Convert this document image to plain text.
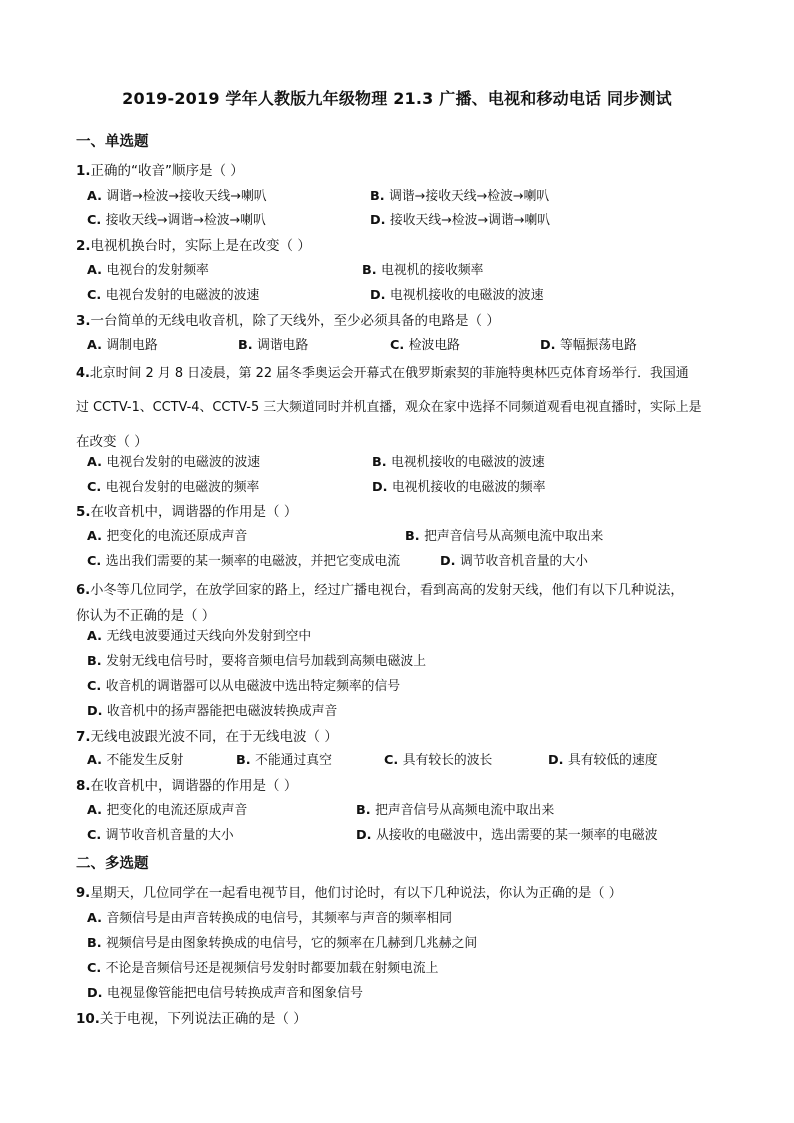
2019-2019 学年人教版九年级物理 21.3 广播、电视和移动电话 同步测试
一、单选题
1.正确的“收音”顺序是（ ）
A. 调谐→检波→接收天线→喇叭	B. 调谐→接收天线→检波→喇叭
C. 接收天线→调谐→检波→喇叭	D. 接收天线→检波→调谐→喇叭
2.电视机换台时，实际上是在改变（ ）
A. 电视台的发射频率	B. 电视机的接收频率
C. 电视台发射的电磁波的波速	D. 电视机接收的电磁波的波速
3.一台简单的无线电收音机，除了天线外，至少必须具备的电路是（ ）
A. 调制电路	B. 调谐电路	C. 检波电路	D. 等幅振荡电路
4.北京时间 2 月 8 日凌晨，第 22 届冬季奥运会开幕式在俄罗斯索契的菲施特奥林匹克体育场举行．我国通
过 CCTV-1、CCTV-4、CCTV-5 三大频道同时并机直播，观众在家中选择不同频道观看电视直播时，实际上是
在改变（ ）
A. 电视台发射的电磁波的波速	B. 电视机接收的电磁波的波速
C. 电视台发射的电磁波的频率	D. 电视机接收的电磁波的频率
5.在收音机中，调谐器的作用是（ ）
A. 把变化的电流还原成声音	B. 把声音信号从高频电流中取出来
C. 选出我们需要的某一频率的电磁波，并把它变成电流	D. 调节收音机音量的大小
6.小冬等几位同学，在放学回家的路上，经过广播电视台，看到高高的发射天线，他们有以下几种说法，
你认为不正确的是（ ）
A. 无线电波要通过天线向外发射到空中
B. 发射无线电信号时，要将音频电信号加载到高频电磁波上
C. 收音机的调谐器可以从电磁波中选出特定频率的信号
D. 收音机中的扬声器能把电磁波转换成声音
7.无线电波跟光波不同，在于无线电波（ ）
A. 不能发生反射	B. 不能通过真空	C. 具有较长的波长	D. 具有较低的速度
8.在收音机中，调谐器的作用是（ ）
A. 把变化的电流还原成声音	B. 把声音信号从高频电流中取出来
C. 调节收音机音量的大小	D. 从接收的电磁波中，选出需要的某一频率的电磁波
二、多选题
9.星期天，几位同学在一起看电视节目，他们讨论时，有以下几种说法，你认为正确的是（ ）
A. 音频信号是由声音转换成的电信号，其频率与声音的频率相同
B. 视频信号是由图象转换成的电信号，它的频率在几赫到几兆赫之间
C. 不论是音频信号还是视频信号发射时都要加载在射频电流上
D. 电视显像管能把电信号转换成声音和图象信号
10.关于电视，下列说法正确的是（ ）
